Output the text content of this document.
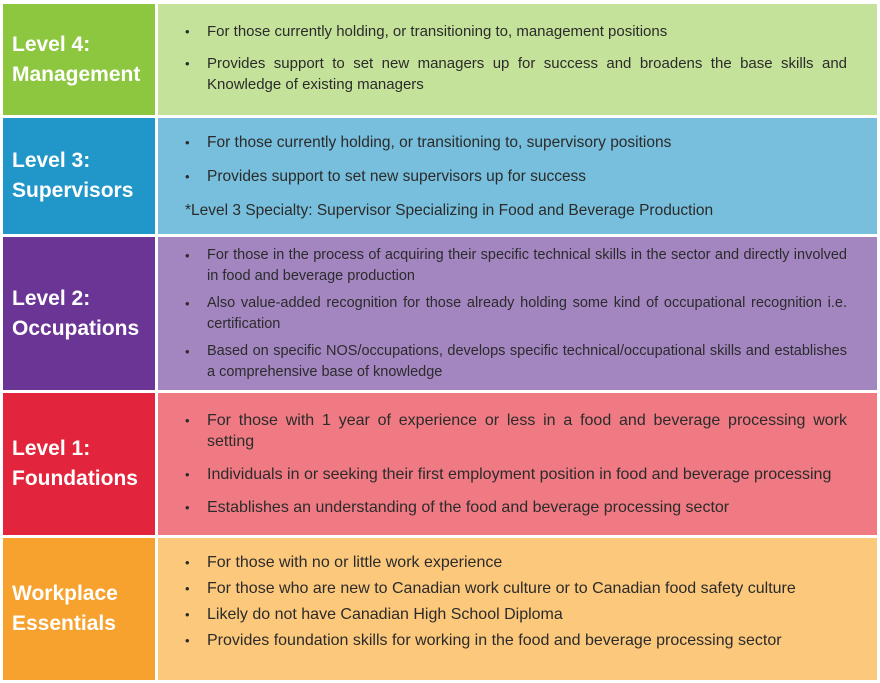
Level 4:
Management
• For those currently holding, or transitioning to, management positions
• Provides support to set new managers up for success and broadens the base skills and Knowledge of existing managers
Level 3:
Supervisors
• For those currently holding, or transitioning to, supervisory positions
• Provides support to set new supervisors up for success
*Level 3 Specialty: Supervisor Specializing in Food and Beverage Production
Level 2:
Occupations
• For those in the process of acquiring their specific technical skills in the sector and directly involved in food and beverage production
• Also value-added recognition for those already holding some kind of occupational recognition i.e. certification
• Based on specific NOS/occupations, develops specific technical/occupational skills and establishes a comprehensive base of knowledge
Level 1:
Foundations
• For those with 1 year of experience or less in a food and beverage processing work setting
• Individuals in or seeking their first employment position in food and beverage processing
• Establishes an understanding of the food and beverage processing sector
Workplace
Essentials
• For those with no or little work experience
• For those who are new to Canadian work culture or to Canadian food safety culture
• Likely do not have Canadian High School Diploma
• Provides foundation skills for working in the food and beverage processing sector
